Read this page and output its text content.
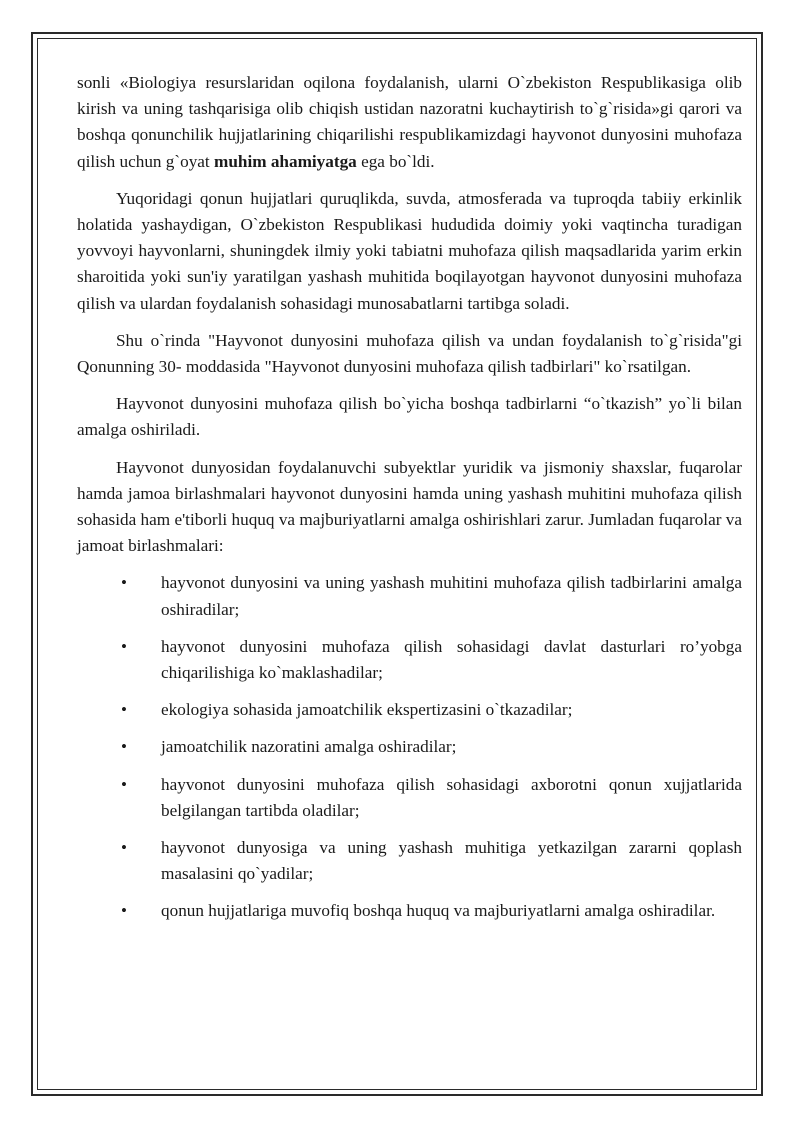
sonli «Biologiya resurslaridan oqilona foydalanish, ularni O`zbekiston Respublikasiga olib kirish va uning tashqarisiga olib chiqish ustidan nazoratni kuchaytirish to`g`risida»gi qarori va boshqa qonunchilik hujjatlarining chiqarilishi respublikamizdagi hayvonot dunyosini muhofaza qilish uchun g`oyat muhim ahamiyatga ega bo`ldi.

Yuqoridagi qonun hujjatlari quruqlikda, suvda, atmosferada va tuproqda tabiiy erkinlik holatida yashaydigan, O`zbekiston Respublikasi hududida doimiy yoki vaqtincha turadigan yovvoyi hayvonlarni, shuningdek ilmiy yoki tabiatni muhofaza qilish maqsadlarida yarim erkin sharoitida yoki sun'iy yaratilgan yashash muhitida boqilayotgan hayvonot dunyosini muhofaza qilish va ulardan foydalanish sohasidagi munosabatlarni tartibga soladi.

Shu o`rinda "Hayvonot dunyosini muhofaza qilish va undan foydalanish to`g`risida"gi Qonunning 30- moddasida "Hayvonot dunyosini muhofaza qilish tadbirlari" ko`rsatilgan.

Hayvonot dunyosini muhofaza qilish bo`yicha boshqa tadbirlarni “o`tkazish” yo`li bilan amalga oshiriladi.

Hayvonot dunyosidan foydalanuvchi subyektlar yuridik va jismoniy shaxslar, fuqarolar hamda jamoa birlashmalari hayvonot dunyosini hamda uning yashash muhitini muhofaza qilish sohasida ham e'tiborli huquq va majburiyatlarni amalga oshirishlari zarur. Jumladan fuqarolar va jamoat birlashmalari:

• hayvonot dunyosini va uning yashash muhitini muhofaza qilish tadbirlarini amalga oshiradilar;
• hayvonot dunyosini muhofaza qilish sohasidagi davlat dasturlari ro’yobga chiqarilishiga ko`maklashadilar;
• ekologiya sohasida jamoatchilik ekspertizasini o`tkazadilar;
• jamoatchilik nazoratini amalga oshiradilar;
• hayvonot dunyosini muhofaza qilish sohasidagi axborotni qonun xujjatlarida belgilangan tartibda oladilar;
• hayvonot dunyosiga va uning yashash muhitiga yetkazilgan zararni qoplash masalasini qo`yadilar;
• qonun hujjatlariga muvofiq boshqa huquq va majburiyatlarni amalga oshiradilar.
